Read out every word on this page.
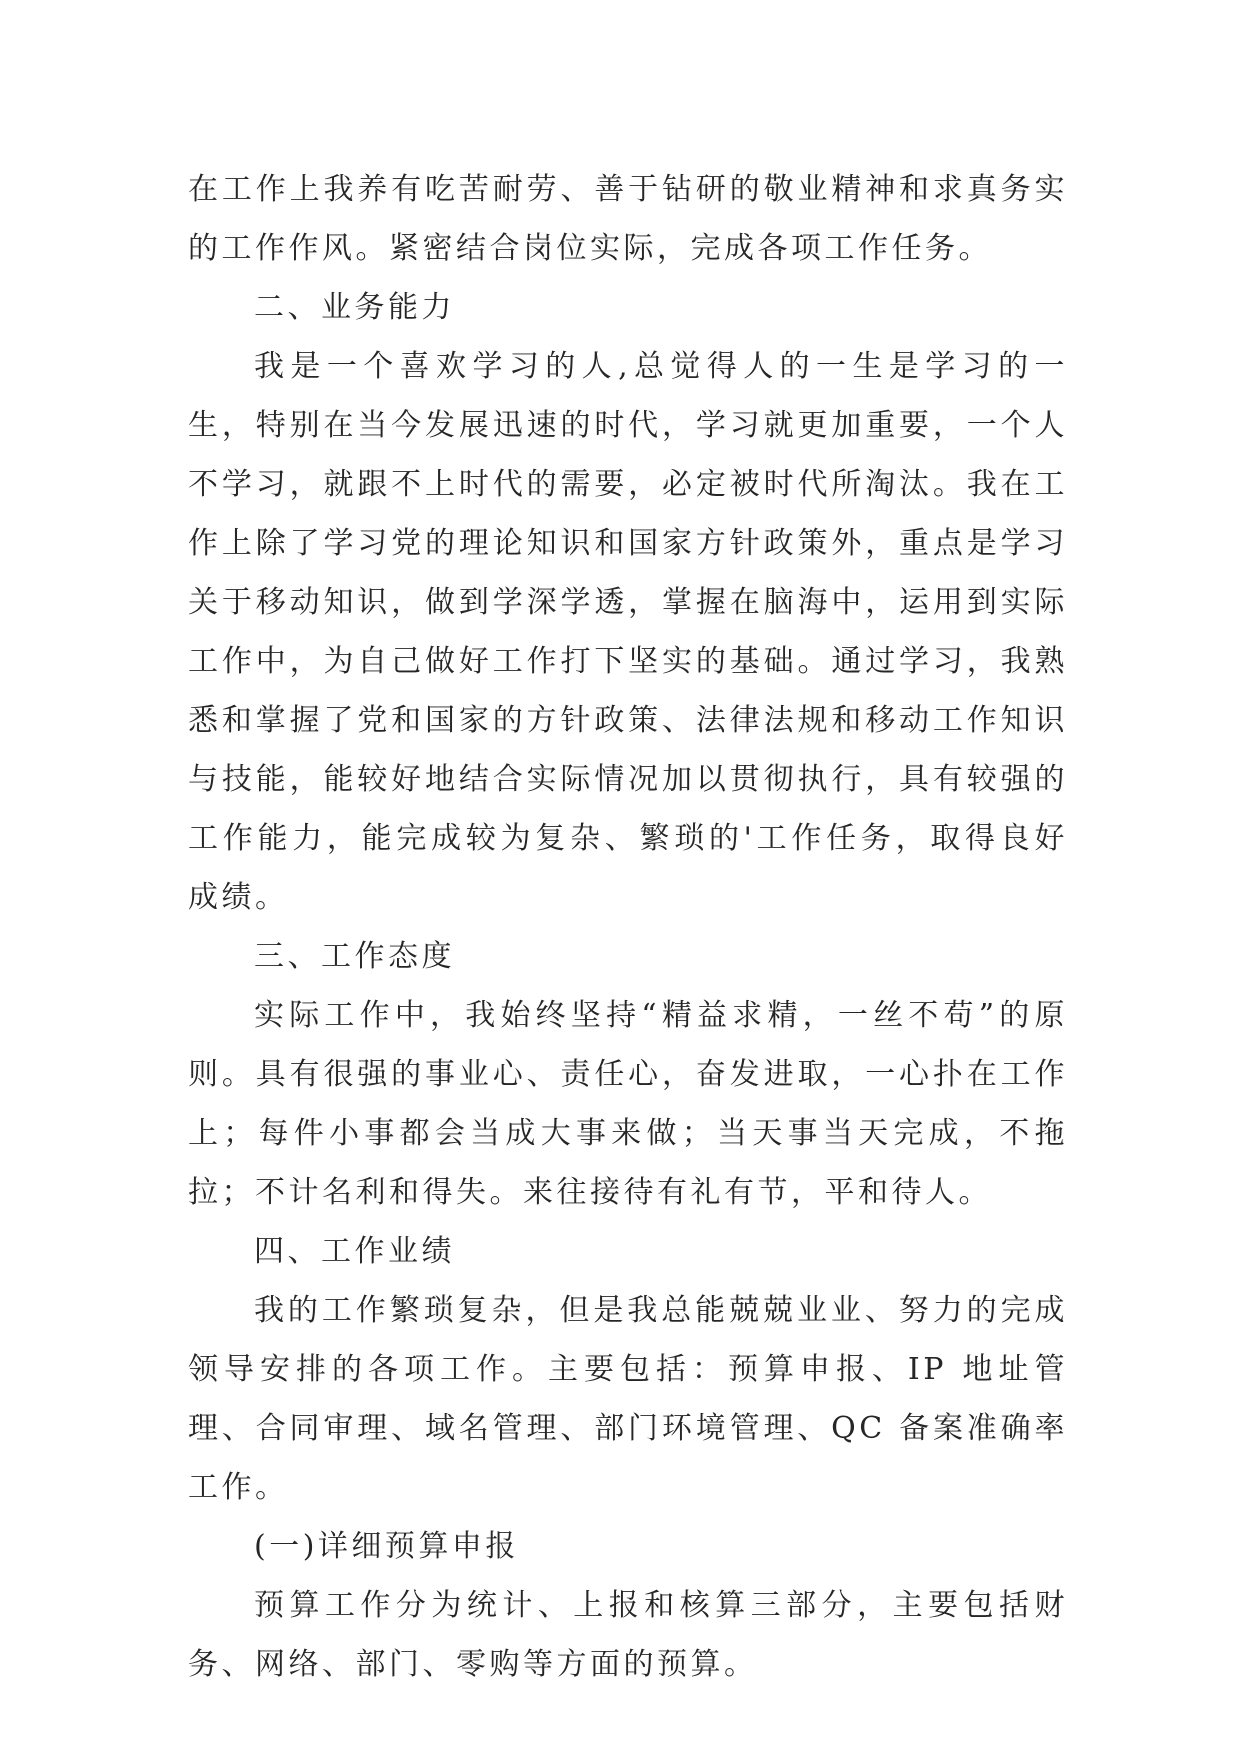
在工作上我养有吃苦耐劳、善于钻研的敬业精神和求真务实的工作作风。紧密结合岗位实际，完成各项工作任务。

二、业务能力

我是一个喜欢学习的人,总觉得人的一生是学习的一生，特别在当今发展迅速的时代，学习就更加重要，一个人不学习，就跟不上时代的需要，必定被时代所淘汰。我在工作上除了学习党的理论知识和国家方针政策外，重点是学习关于移动知识，做到学深学透，掌握在脑海中，运用到实际工作中，为自己做好工作打下坚实的基础。通过学习，我熟悉和掌握了党和国家的方针政策、法律法规和移动工作知识与技能，能较好地结合实际情况加以贯彻执行，具有较强的工作能力，能完成较为复杂、繁琐的'工作任务，取得良好成绩。

三、工作态度

实际工作中，我始终坚持“精益求精，一丝不苟”的原则。具有很强的事业心、责任心，奋发进取，一心扑在工作上；每件小事都会当成大事来做；当天事当天完成，不拖拉；不计名利和得失。来往接待有礼有节，平和待人。

四、工作业绩

我的工作繁琐复杂，但是我总能兢兢业业、努力的完成领导安排的各项工作。主要包括：预算申报、IP 地址管理、合同审理、域名管理、部门环境管理、QC 备案准确率工作。

(一)详细预算申报

预算工作分为统计、上报和核算三部分，主要包括财务、网络、部门、零购等方面的预算。
